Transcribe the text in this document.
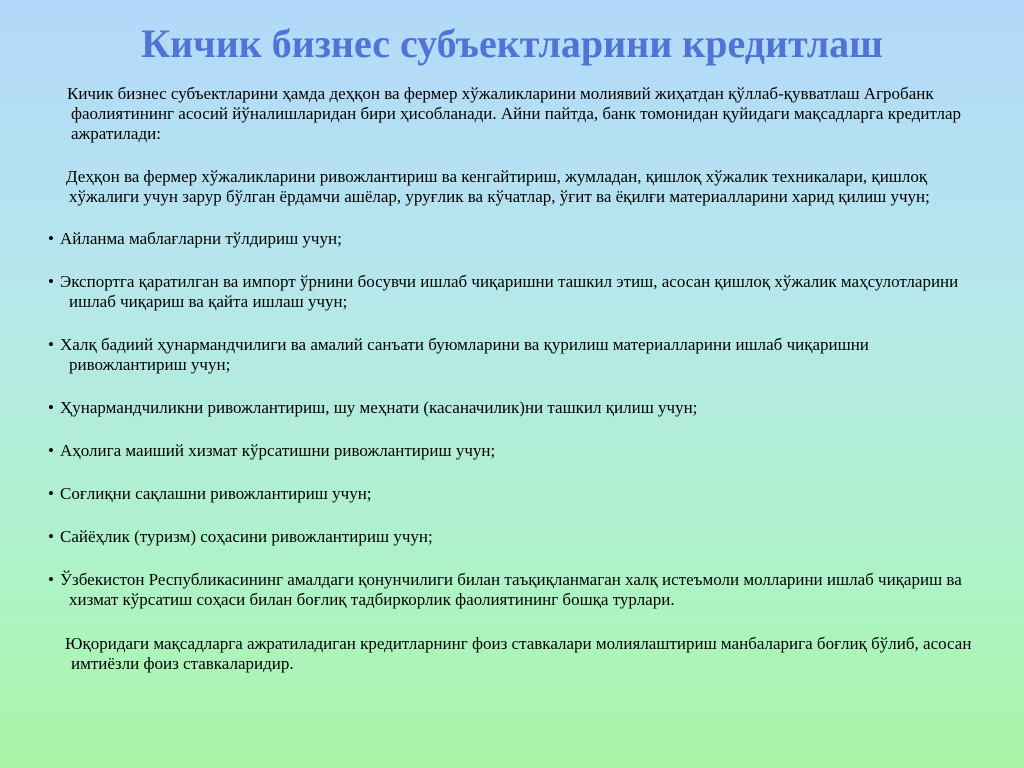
Кичик бизнес субъектларини кредитлаш

Кичик бизнес субъектларини ҳамда деҳқон ва фермер хўжаликларини молиявий жиҳатдан қўллаб-қувватлаш Агробанк фаолиятининг асосий йўналишларидан бири ҳисобланади. Айни пайтда, банк томонидан қуйидаги мақсадларга кредитлар ажратилади:

Деҳқон ва фермер хўжаликларини ривожлантириш ва кенгайтириш, жумладан, қишлоқ хўжалик техникалари, қишлоқ хўжалиги учун зарур бўлган ёрдамчи ашёлар, уруғлик ва кўчатлар, ўғит ва ёқилғи материалларини харид қилиш учун;

• Айланма маблағларни тўлдириш учун;

• Экспортга қаратилган ва импорт ўрнини босувчи ишлаб чиқаришни ташкил этиш, асосан қишлоқ хўжалик маҳсулотларини ишлаб чиқариш ва қайта ишлаш учун;

• Халқ бадиий ҳунармандчилиги ва амалий санъати буюмларини ва қурилиш материалларини ишлаб чиқаришни ривожлантириш учун;

• Ҳунармандчиликни ривожлантириш, шу меҳнати (касаначилик)ни ташкил қилиш учун;

• Аҳолига маиший хизмат кўрсатишни ривожлантириш учун;

• Соғлиқни сақлашни ривожлантириш учун;

• Сайёҳлик (туризм) соҳасини ривожлантириш учун;

• Ўзбекистон Республикасининг амалдаги қонунчилиги билан таъқиқланмаган халқ истеъмоли молларини ишлаб чиқариш ва хизмат кўрсатиш соҳаси билан боғлиқ тадбиркорлик фаолиятининг бошқа турлари.

Юқоридаги мақсадларга ажратиладиган кредитларнинг фоиз ставкалари молиялаштириш манбаларига боғлиқ бўлиб, асосан имтиёзли фоиз ставкаларидир.
